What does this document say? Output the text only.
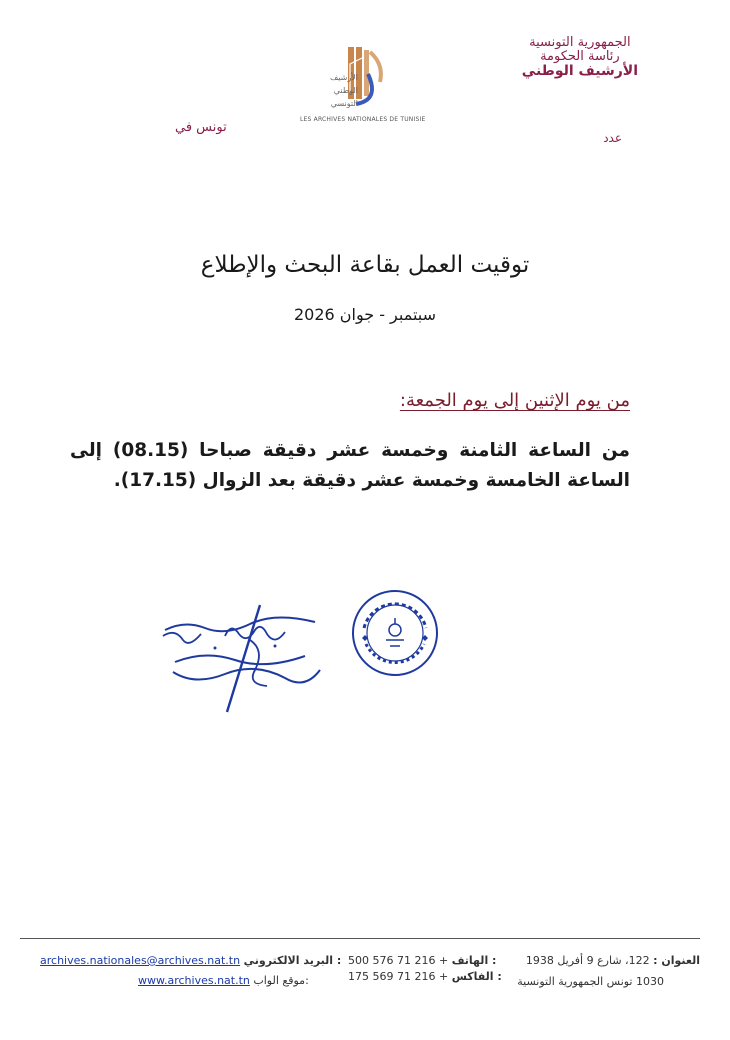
الجمهورية التونسية
رئاسة الحكومة
الأرشيف الوطني
عدد
تونس في
الأرشيف
الوطني
التونسي
LES ARCHIVES NATIONALES DE TUNISIE
توقيت العمل بقاعة البحث والإطلاع
سبتمبر - جوان 2026
من يوم الإثنين إلى يوم الجمعة:
من الساعة الثامنة وخمسة عشر دقيقة صباحا (08.15) إلى الساعة الخامسة وخمسة عشر دقيقة بعد الزوال (17.15).
العنوان : 122، شارع 9 أفريل 1938
1030 تونس الجمهورية التونسية
500 576 71 216 + الهاتف :
175 569 71 216 + الفاكس :
archives.nationales@archives.nat.tn البريد الالكتروني :
www.archives.nat.tn موقع الواب:
